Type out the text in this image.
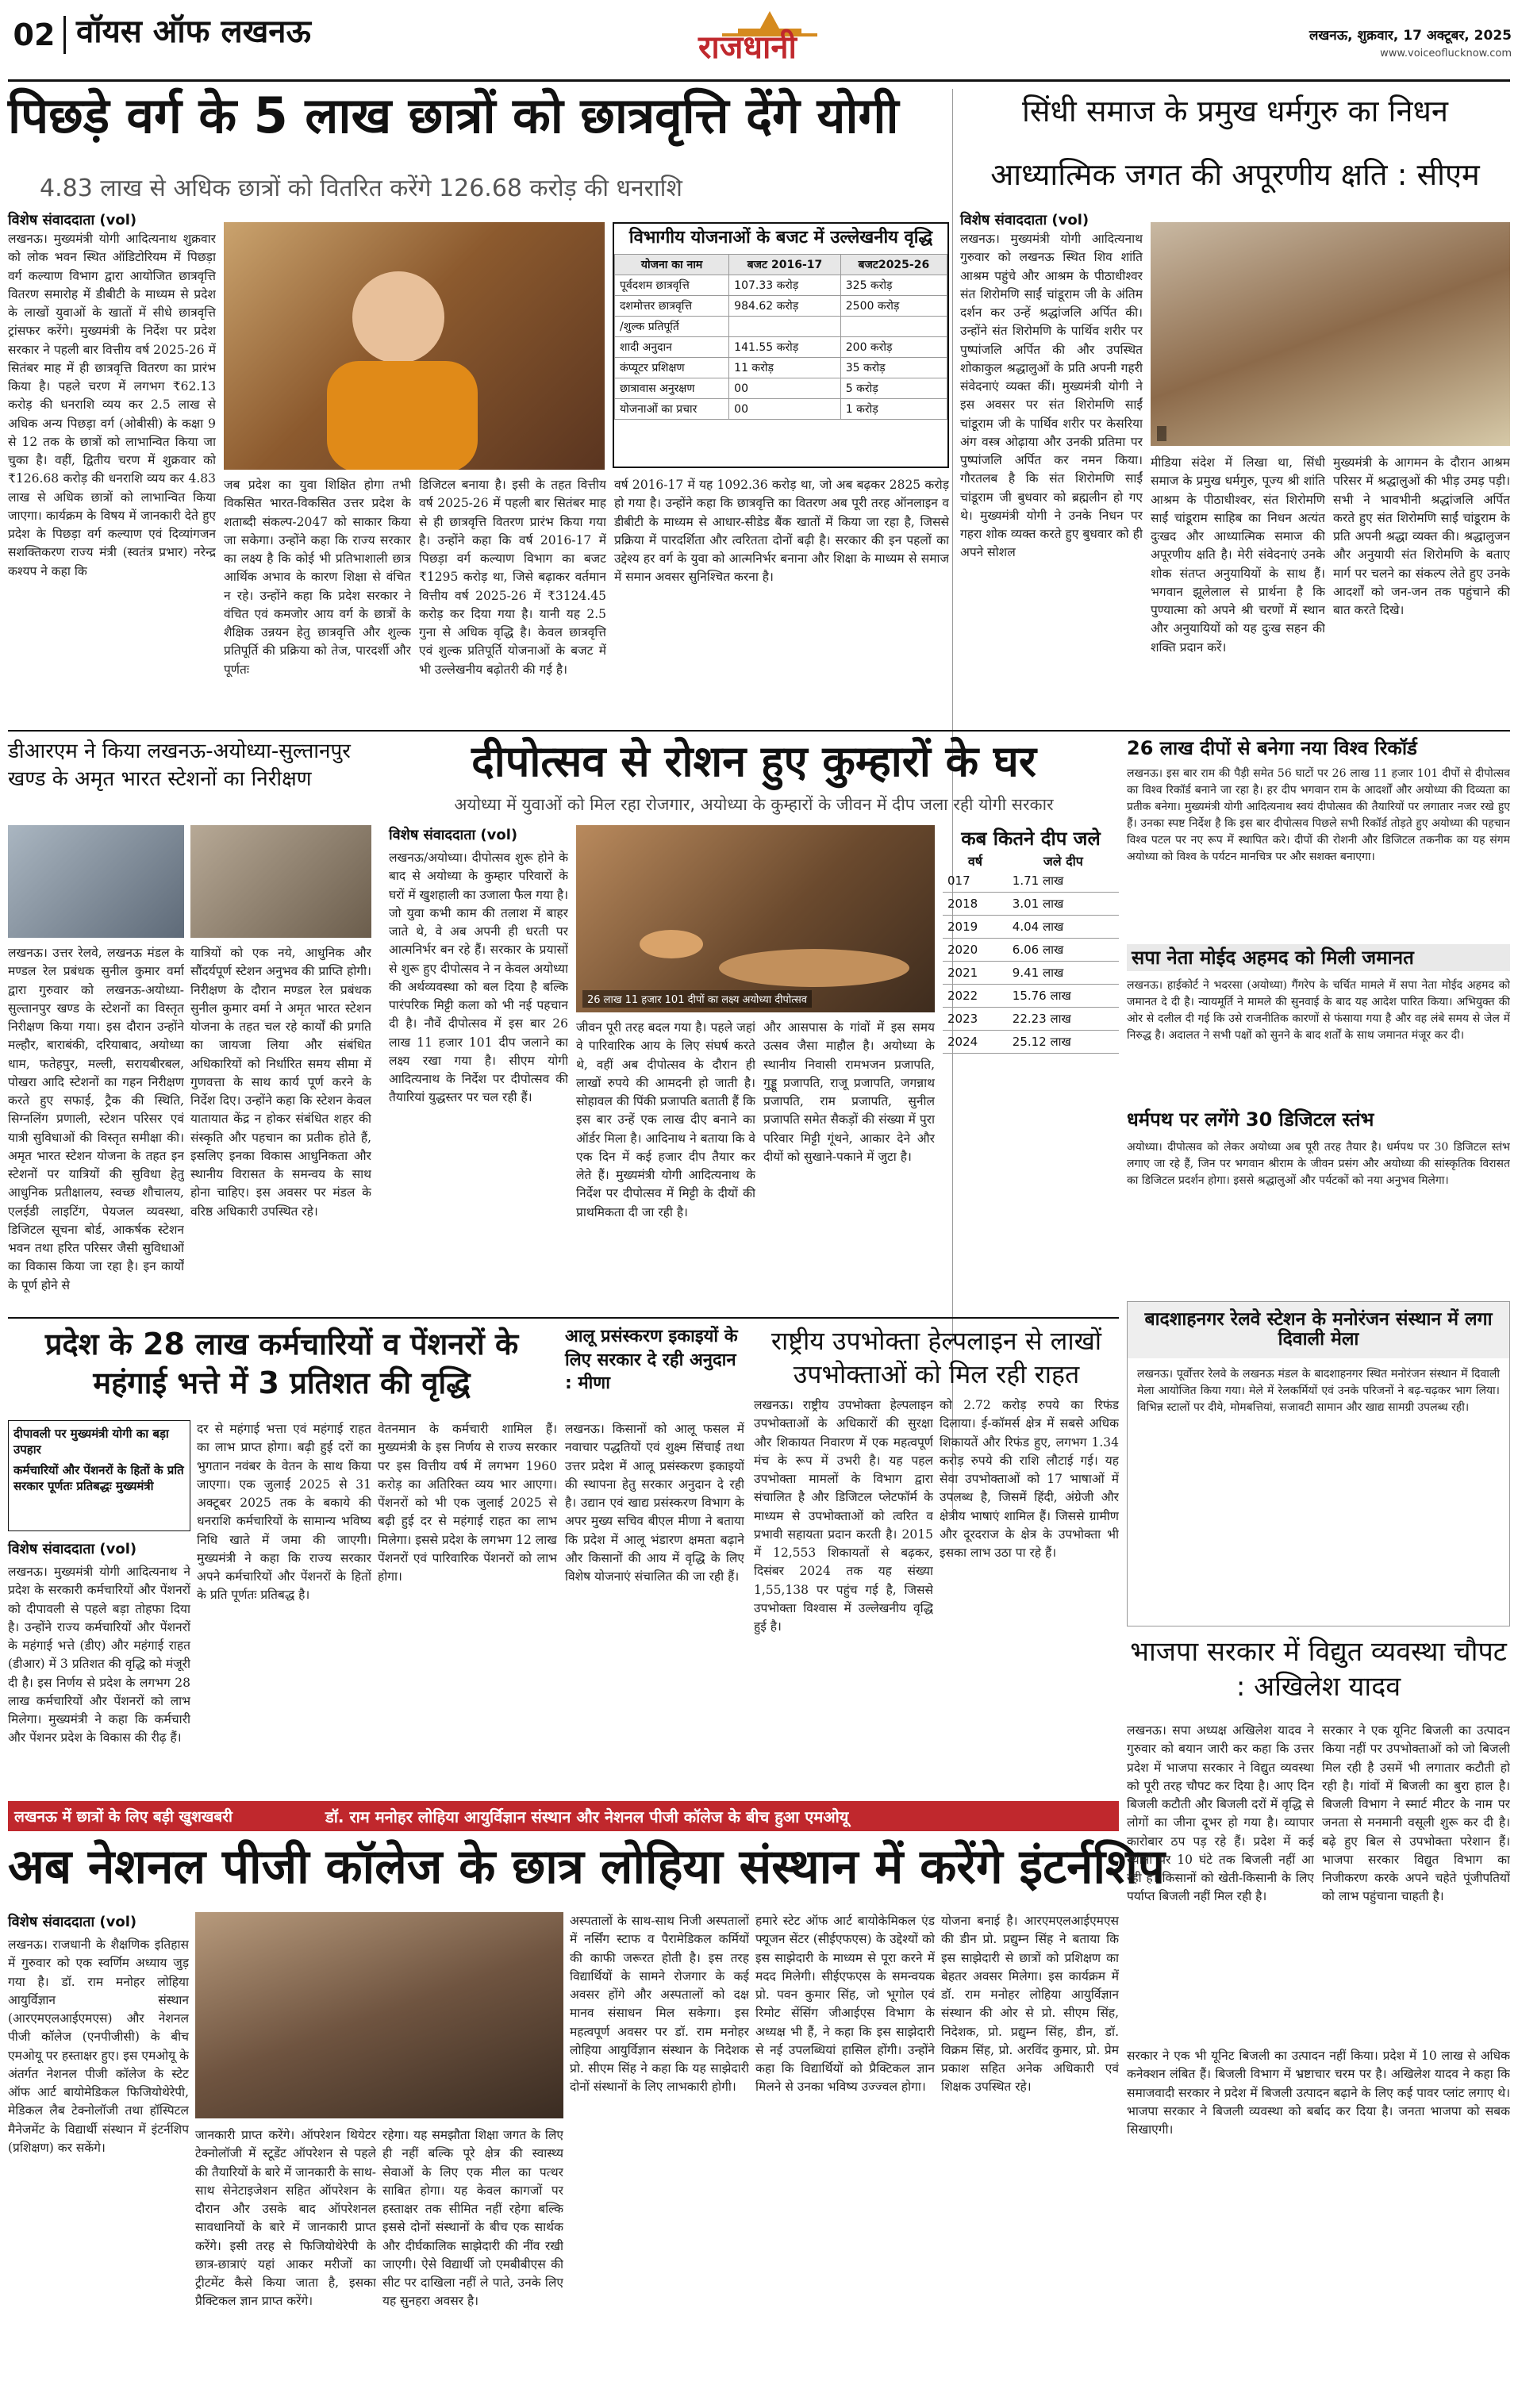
02 वॉयस ऑफ लखनऊ	राजधानी	लखनऊ, शुक्रवार, 17 अक्टूबर, 2025
www.voiceoflucknow.com
पिछड़े वर्ग के 5 लाख छात्रों को छात्रवृत्ति देंगे योगी
4.83 लाख से अधिक छात्रों को वितरित करेंगे 126.68 करोड़ की धनराशि
विशेष संवाददाता (vol)
लखनऊ। मुख्यमंत्री योगी आदित्यनाथ शुक्रवार को लोक भवन स्थित ऑडिटोरियम में पिछड़ा वर्ग कल्याण विभाग द्वारा आयोजित छात्रवृत्ति वितरण समारोह में डीबीटी के माध्यम से प्रदेश के लाखों युवाओं के खातों में सीधे छात्रवृत्ति ट्रांसफर करेंगे। मुख्यमंत्री के निर्देश पर प्रदेश सरकार ने पहली बार वित्तीय वर्ष 2025-26 में सितंबर माह में ही छात्रवृत्ति वितरण का प्रारंभ किया है। पहले चरण में लगभग ₹62.13 करोड़ की धनराशि व्यय कर 2.5 लाख से अधिक अन्य पिछड़ा वर्ग (ओबीसी) के कक्षा 9 से 12 तक के छात्रों को लाभान्वित किया जा चुका है। वहीं, द्वितीय चरण में शुक्रवार को ₹126.68 करोड़ की धनराशि व्यय कर 4.83 लाख से अधिक छात्रों को लाभान्वित किया जाएगा। कार्यक्रम के विषय में जानकारी देते हुए प्रदेश के पिछड़ा वर्ग कल्याण एवं दिव्यांगजन सशक्तिकरण राज्य मंत्री (स्वतंत्र प्रभार) नरेन्द्र कश्यप ने कहा कि
जब प्रदेश का युवा शिक्षित होगा तभी विकसित भारत-विकसित उत्तर प्रदेश के शताब्दी संकल्प-2047 को साकार किया जा सकेगा। उन्होंने कहा कि राज्य सरकार का लक्ष्य है कि कोई भी प्रतिभाशाली छात्र आर्थिक अभाव के कारण शिक्षा से वंचित न रहे। उन्होंने कहा कि प्रदेश सरकार ने वंचित एवं कमजोर आय वर्ग के छात्रों के शैक्षिक उन्नयन हेतु छात्रवृत्ति और शुल्क प्रतिपूर्ति की प्रक्रिया को तेज, पारदर्शी और पूर्णतः
डिजिटल बनाया है। इसी के तहत वित्तीय वर्ष 2025-26 में पहली बार सितंबर माह से ही छात्रवृत्ति वितरण प्रारंभ किया गया है। उन्होंने कहा कि वर्ष 2016-17 में पिछड़ा वर्ग कल्याण विभाग का बजट ₹1295 करोड़ था, जिसे बढ़ाकर वर्तमान वित्तीय वर्ष 2025-26 में ₹3124.45 करोड़ कर दिया गया है। यानी यह 2.5 गुना से अधिक वृद्धि है। केवल छात्रवृत्ति एवं शुल्क प्रतिपूर्ति योजनाओं के बजट में भी उल्लेखनीय बढ़ोतरी की गई है।
विभागीय योजनाओं के बजट में उल्लेखनीय वृद्धि
योजना का नाम	बजट 2016-17	बजट2025-26
पूर्वदशम छात्रवृत्ति	107.33 करोड़	325 करोड़
दशमोत्तर छात्रवृत्ति	984.62 करोड़	2500 करोड़
/शुल्क प्रतिपूर्ति		
शादी अनुदान	141.55 करोड़	200 करोड़
कंप्यूटर प्रशिक्षण	11 करोड़	35 करोड़
छात्रावास अनुरक्षण	00	5 करोड़
योजनाओं का प्रचार	00	1 करोड़
वर्ष 2016-17 में यह 1092.36 करोड़ था, जो अब बढ़कर 2825 करोड़ हो गया है। उन्होंने कहा कि छात्रवृत्ति का वितरण अब पूरी तरह ऑनलाइन व डीबीटी के माध्यम से आधार-सीडेड बैंक खातों में किया जा रहा है, जिससे प्रक्रिया में पारदर्शिता और त्वरितता दोनों बढ़ी है। सरकार की इन पहलों का उद्देश्य हर वर्ग के युवा को आत्मनिर्भर बनाना और शिक्षा के माध्यम से समाज में समान अवसर सुनिश्चित करना है।
सिंधी समाज के प्रमुख धर्मगुरु का निधन
आध्यात्मिक जगत की अपूरणीय क्षति : सीएम
विशेष संवाददाता (vol)
लखनऊ। मुख्यमंत्री योगी आदित्यनाथ गुरुवार को लखनऊ स्थित शिव शांति आश्रम पहुंचे और आश्रम के पीठाधीश्वर संत शिरोमणि साईं चांडूराम जी के अंतिम दर्शन कर उन्हें श्रद्धांजलि अर्पित की। उन्होंने संत शिरोमणि के पार्थिव शरीर पर पुष्पांजलि अर्पित की और उपस्थित शोकाकुल श्रद्धालुओं के प्रति अपनी गहरी संवेदनाएं व्यक्त कीं। मुख्यमंत्री योगी ने इस अवसर पर संत शिरोमणि साईं चांडूराम जी के पार्थिव शरीर पर केसरिया अंग वस्त्र ओढ़ाया और उनकी प्रतिमा पर पुष्पांजलि अर्पित कर नमन किया। गौरतलब है कि संत शिरोमणि साईं चांडूराम जी बुधवार को ब्रह्मलीन हो गए थे। मुख्यमंत्री योगी ने उनके निधन पर गहरा शोक व्यक्त करते हुए बुधवार को ही अपने सोशल
मीडिया संदेश में लिखा था, सिंधी समाज के प्रमुख धर्मगुरु, पूज्य श्री शांति आश्रम के पीठाधीश्वर, संत शिरोमणि साईं चांडूराम साहिब का निधन अत्यंत दुःखद और आध्यात्मिक समाज की अपूरणीय क्षति है। मेरी संवेदनाएं उनके शोक संतप्त अनुयायियों के साथ हैं। भगवान झूलेलाल से प्रार्थना है कि पुण्यात्मा को अपने श्री चरणों में स्थान और अनुयायियों को यह दुःख सहन की शक्ति प्रदान करें।
मुख्यमंत्री के आगमन के दौरान आश्रम परिसर में श्रद्धालुओं की भीड़ उमड़ पड़ी। सभी ने भावभीनी श्रद्धांजलि अर्पित करते हुए संत शिरोमणि साईं चांडूराम के प्रति अपनी श्रद्धा व्यक्त की। श्रद्धालुजन और अनुयायी संत शिरोमणि के बताए मार्ग पर चलने का संकल्प लेते हुए उनके आदर्शों को जन-जन तक पहुंचाने की बात करते दिखे।
डीआरएम ने किया लखनऊ-अयोध्या-सुल्तानपुर खण्ड के अमृत भारत स्टेशनों का निरीक्षण
लखनऊ। उत्तर रेलवे, लखनऊ मंडल के मण्डल रेल प्रबंधक सुनील कुमार वर्मा द्वारा गुरुवार को लखनऊ-अयोध्या-सुल्तानपुर खण्ड के स्टेशनों का विस्तृत निरीक्षण किया गया। इस दौरान उन्होंने मल्हौर, बाराबंकी, दरियाबाद, अयोध्या धाम, फतेहपुर, मल्ली, सरायबीरबल, पोखरा आदि स्टेशनों का गहन निरीक्षण करते हुए सफाई, ट्रैक की स्थिति, सिग्नलिंग प्रणाली, स्टेशन परिसर एवं यात्री सुविधाओं की विस्तृत समीक्षा की। अमृत भारत स्टेशन योजना के तहत इन स्टेशनों पर यात्रियों की सुविधा हेतु आधुनिक प्रतीक्षालय, स्वच्छ शौचालय, एलईडी लाइटिंग, पेयजल व्यवस्था, डिजिटल सूचना बोर्ड, आकर्षक स्टेशन भवन तथा हरित परिसर जैसी सुविधाओं का विकास किया जा रहा है। इन कार्यों के पूर्ण होने से
यात्रियों को एक नये, आधुनिक और सौंदर्यपूर्ण स्टेशन अनुभव की प्राप्ति होगी। निरीक्षण के दौरान मण्डल रेल प्रबंधक सुनील कुमार वर्मा ने अमृत भारत स्टेशन योजना के तहत चल रहे कार्यों की प्रगति का जायजा लिया और संबंधित अधिकारियों को निर्धारित समय सीमा में गुणवत्ता के साथ कार्य पूर्ण करने के निर्देश दिए। उन्होंने कहा कि स्टेशन केवल यातायात केंद्र न होकर संबंधित शहर की संस्कृति और पहचान का प्रतीक होते हैं, इसलिए इनका विकास आधुनिकता और स्थानीय विरासत के समन्वय के साथ होना चाहिए। इस अवसर पर मंडल के वरिष्ठ अधिकारी उपस्थित रहे।
दीपोत्सव से रोशन हुए कुम्हारों के घर
अयोध्या में युवाओं को मिल रहा रोजगार, अयोध्या के कुम्हारों के जीवन में दीप जला रही योगी सरकार
विशेष संवाददाता (vol)
लखनऊ/अयोध्या। दीपोत्सव शुरू होने के बाद से अयोध्या के कुम्हार परिवारों के घरों में खुशहाली का उजाला फैल गया है। जो युवा कभी काम की तलाश में बाहर जाते थे, वे अब अपनी ही धरती पर आत्मनिर्भर बन रहे हैं। सरकार के प्रयासों से शुरू हुए दीपोत्सव ने न केवल अयोध्या की अर्थव्यवस्था को बल दिया है बल्कि पारंपरिक मिट्टी कला को भी नई पहचान दी है। नौवें दीपोत्सव में इस बार 26 लाख 11 हजार 101 दीप जलाने का लक्ष्य रखा गया है। सीएम योगी आदित्यनाथ के निर्देश पर दीपोत्सव की तैयारियां युद्धस्तर पर चल रही हैं।
26 लाख 11 हजार 101 दीपों का लक्ष्य अयोध्या दीपोत्सव
जीवन पूरी तरह बदल गया है। पहले जहां वे पारिवारिक आय के लिए संघर्ष करते थे, वहीं अब दीपोत्सव के दौरान ही लाखों रुपये की आमदनी हो जाती है। सोहावल की पिंकी प्रजापति बताती हैं कि इस बार उन्हें एक लाख दीए बनाने का ऑर्डर मिला है। आदिनाथ ने बताया कि वे एक दिन में कई हजार दीप तैयार कर लेते हैं। मुख्यमंत्री योगी आदित्यनाथ के निर्देश पर दीपोत्सव में मिट्टी के दीयों की प्राथमिकता दी जा रही है।
और आसपास के गांवों में इस समय उत्सव जैसा माहौल है। अयोध्या के स्थानीय निवासी रामभजन प्रजापति, गुड्डू प्रजापति, राजू प्रजापति, जगन्नाथ प्रजापति, राम प्रजापति, सुनील प्रजापति समेत सैकड़ों की संख्या में पुरा परिवार मिट्टी गूंथने, आकार देने और दीयों को सुखाने-पकाने में जुटा है।
कब कितने दीप जले
वर्ष	जले दीप
017	1.71 लाख
2018	3.01 लाख
2019	4.04 लाख
2020	6.06 लाख
2021	9.41 लाख
2022	15.76 लाख
2023	22.23 लाख
2024	25.12 लाख
26 लाख दीपों से बनेगा नया विश्व रिकॉर्ड
लखनऊ। इस बार राम की पैड़ी समेत 56 घाटों पर 26 लाख 11 हजार 101 दीपों से दीपोत्सव का विश्व रिकॉर्ड बनाने जा रहा है। हर दीप भगवान राम के आदर्शों और अयोध्या की दिव्यता का प्रतीक बनेगा। मुख्यमंत्री योगी आदित्यनाथ स्वयं दीपोत्सव की तैयारियों पर लगातार नजर रखे हुए हैं। उनका स्पष्ट निर्देश है कि इस बार दीपोत्सव पिछले सभी रिकॉर्ड तोड़ते हुए अयोध्या की पहचान विश्व पटल पर नए रूप में स्थापित करे। दीपों की रोशनी और डिजिटल तकनीक का यह संगम अयोध्या को विश्व के पर्यटन मानचित्र पर और सशक्त बनाएगा।
सपा नेता मोईद अहमद को मिली जमानत
लखनऊ। हाईकोर्ट ने भदरसा (अयोध्या) गैंगरेप के चर्चित मामले में सपा नेता मोईद अहमद को जमानत दे दी है। न्यायमूर्ति ने मामले की सुनवाई के बाद यह आदेश पारित किया। अभियुक्त की ओर से दलील दी गई कि उसे राजनीतिक कारणों से फंसाया गया है और वह लंबे समय से जेल में निरुद्ध है। अदालत ने सभी पक्षों को सुनने के बाद शर्तों के साथ जमानत मंजूर कर दी।
धर्मपथ पर लगेंगे 30 डिजिटल स्तंभ
अयोध्या। दीपोत्सव को लेकर अयोध्या अब पूरी तरह तैयार है। धर्मपथ पर 30 डिजिटल स्तंभ लगाए जा रहे हैं, जिन पर भगवान श्रीराम के जीवन प्रसंग और अयोध्या की सांस्कृतिक विरासत का डिजिटल प्रदर्शन होगा। इससे श्रद्धालुओं और पर्यटकों को नया अनुभव मिलेगा।
बादशाहनगर रेलवे स्टेशन के मनोरंजन संस्थान में लगा दिवाली मेला
लखनऊ। पूर्वोत्तर रेलवे के लखनऊ मंडल के बादशाहनगर स्थित मनोरंजन संस्थान में दिवाली मेला आयोजित किया गया। मेले में रेलकर्मियों एवं उनके परिजनों ने बढ़-चढ़कर भाग लिया। विभिन्न स्टालों पर दीये, मोमबत्तियां, सजावटी सामान और खाद्य सामग्री उपलब्ध रही।
प्रदेश के 28 लाख कर्मचारियों व पेंशनरों के महंगाई भत्ते में 3 प्रतिशत की वृद्धि
दीपावली पर मुख्यमंत्री योगी का बड़ा उपहार
कर्मचारियों और पेंशनरों के हितों के प्रति सरकार पूर्णतः प्रतिबद्धः मुख्यमंत्री
विशेष संवाददाता (vol)
लखनऊ। मुख्यमंत्री योगी आदित्यनाथ ने प्रदेश के सरकारी कर्मचारियों और पेंशनरों को दीपावली से पहले बड़ा तोहफा दिया है। उन्होंने राज्य कर्मचारियों और पेंशनरों के महंगाई भत्ते (डीए) और महंगाई राहत (डीआर) में 3 प्रतिशत की वृद्धि को मंजूरी दी है। इस निर्णय से प्रदेश के लगभग 28 लाख कर्मचारियों और पेंशनरों को लाभ मिलेगा। मुख्यमंत्री ने कहा कि कर्मचारी और पेंशनर प्रदेश के विकास की रीढ़ हैं।
दर से महंगाई भत्ता एवं महंगाई राहत का लाभ प्राप्त होगा। बढ़ी हुई दरों का भुगतान नवंबर के वेतन के साथ किया जाएगा। एक जुलाई 2025 से 31 अक्टूबर 2025 तक के बकाये की धनराशि कर्मचारियों के सामान्य भविष्य निधि खाते में जमा की जाएगी। मुख्यमंत्री ने कहा कि राज्य सरकार अपने कर्मचारियों और पेंशनरों के हितों के प्रति पूर्णतः प्रतिबद्ध है।
वेतनमान के कर्मचारी शामिल हैं। मुख्यमंत्री के इस निर्णय से राज्य सरकार पर इस वित्तीय वर्ष में लगभग 1960 करोड़ का अतिरिक्त व्यय भार आएगा। पेंशनरों को भी एक जुलाई 2025 से बढ़ी हुई दर से महंगाई राहत का लाभ मिलेगा। इससे प्रदेश के लगभग 12 लाख पेंशनरों एवं पारिवारिक पेंशनरों को लाभ होगा।
आलू प्रसंस्करण इकाइयों के लिए सरकार दे रही अनुदान : मीणा
लखनऊ। किसानों को आलू फसल में नवाचार पद्धतियों एवं शुक्ष्म सिंचाई तथा उत्तर प्रदेश में आलू प्रसंस्करण इकाइयों की स्थापना हेतु सरकार अनुदान दे रही है। उद्यान एवं खाद्य प्रसंस्करण विभाग के अपर मुख्य सचिव बीएल मीणा ने बताया कि प्रदेश में आलू भंडारण क्षमता बढ़ाने और किसानों की आय में वृद्धि के लिए विशेष योजनाएं संचालित की जा रही हैं।
राष्ट्रीय उपभोक्ता हेल्पलाइन से लाखों उपभोक्ताओं को मिल रही राहत
लखनऊ। राष्ट्रीय उपभोक्ता हेल्पलाइन उपभोक्ताओं के अधिकारों की सुरक्षा और शिकायत निवारण में एक महत्वपूर्ण मंच के रूप में उभरी है। यह पहल उपभोक्ता मामलों के विभाग द्वारा संचालित है और डिजिटल प्लेटफॉर्म के माध्यम से उपभोक्ताओं को त्वरित व प्रभावी सहायता प्रदान करती है। 2015 में 12,553 शिकायतों से बढ़कर, दिसंबर 2024 तक यह संख्या 1,55,138 पर पहुंच गई है, जिससे उपभोक्ता विश्वास में उल्लेखनीय वृद्धि हुई है।
को 2.72 करोड़ रुपये का रिफंड दिलाया। ई-कॉमर्स क्षेत्र में सबसे अधिक शिकायतें और रिफंड हुए, लगभग 1.34 करोड़ रुपये की राशि लौटाई गई। यह सेवा उपभोक्ताओं को 17 भाषाओं में उपलब्ध है, जिसमें हिंदी, अंग्रेजी और क्षेत्रीय भाषाएं शामिल हैं। जिससे ग्रामीण और दूरदराज के क्षेत्र के उपभोक्ता भी इसका लाभ उठा पा रहे हैं।
भाजपा सरकार में विद्युत व्यवस्था चौपट : अखिलेश यादव
लखनऊ में छात्रों के लिए बड़ी खुशखबरी	डॉ. राम मनोहर लोहिया आयुर्विज्ञान संस्थान और नेशनल पीजी कॉलेज के बीच हुआ एमओयू
अब नेशनल पीजी कॉलेज के छात्र लोहिया संस्थान में करेंगे इंटर्नशिप
विशेष संवाददाता (vol)
लखनऊ। राजधानी के शैक्षणिक इतिहास में गुरुवार को एक स्वर्णिम अध्याय जुड़ गया है। डॉ. राम मनोहर लोहिया आयुर्विज्ञान संस्थान (आरएमएलआईएमएस) और नेशनल पीजी कॉलेज (एनपीजीसी) के बीच एमओयू पर हस्ताक्षर हुए। इस एमओयू के अंतर्गत नेशनल पीजी कॉलेज के स्टेट ऑफ आर्ट बायोमेडिकल फिजियोथेरेपी, मेडिकल लैब टेक्नोलॉजी तथा हॉस्पिटल मैनेजमेंट के विद्यार्थी संस्थान में इंटर्नशिप (प्रशिक्षण) कर सकेंगे।
जानकारी प्राप्त करेंगे। ऑपरेशन थियेटर टेक्नोलॉजी में स्टूडेंट ऑपरेशन से पहले की तैयारियों के बारे में जानकारी के साथ-साथ सेनेटाइजेशन सहित ऑपरेशन के दौरान और उसके बाद ऑपरेशनल सावधानियों के बारे में जानकारी प्राप्त करेंगे। इसी तरह से फिजियोथेरेपी के छात्र-छात्राएं यहां आकर मरीजों का ट्रीटमेंट कैसे किया जाता है, इसका प्रैक्टिकल ज्ञान प्राप्त करेंगे।
रहेगा। यह समझौता शिक्षा जगत के लिए ही नहीं बल्कि पूरे क्षेत्र की स्वास्थ्य सेवाओं के लिए एक मील का पत्थर साबित होगा। यह केवल कागजों पर हस्ताक्षर तक सीमित नहीं रहेगा बल्कि इससे दोनों संस्थानों के बीच एक सार्थक और दीर्घकालिक साझेदारी की नींव रखी जाएगी। ऐसे विद्यार्थी जो एमबीबीएस की सीट पर दाखिला नहीं ले पाते, उनके लिए यह सुनहरा अवसर है।
अस्पतालों के साथ-साथ निजी अस्पतालों में नर्सिंग स्टाफ व पैरामेडिकल कर्मियों की काफी जरूरत होती है। इस तरह विद्यार्थियों के सामने रोजगार के कई अवसर होंगे और अस्पतालों को दक्ष मानव संसाधन मिल सकेगा। इस महत्वपूर्ण अवसर पर डॉ. राम मनोहर लोहिया आयुर्विज्ञान संस्थान के निदेशक प्रो. सीएम सिंह ने कहा कि यह साझेदारी दोनों संस्थानों के लिए लाभकारी होगी।
हमारे स्टेट ऑफ आर्ट बायोकेमिकल एंड फ्यूजन सेंटर (सीईएफएस) के उद्देश्यों को इस साझेदारी के माध्यम से पूरा करने में मदद मिलेगी। सीईएफएस के समन्वयक प्रो. पवन कुमार सिंह, जो भूगोल एवं रिमोट सेंसिंग जीआईएस विभाग के अध्यक्ष भी हैं, ने कहा कि इस साझेदारी से नई उपलब्धियां हासिल होंगी। उन्होंने कहा कि विद्यार्थियों को प्रैक्टिकल ज्ञान मिलने से उनका भविष्य उज्ज्वल होगा।
योजना बनाई है। आरएमएलआईएमएस की डीन प्रो. प्रद्युम्न सिंह ने बताया कि इस साझेदारी से छात्रों को प्रशिक्षण का बेहतर अवसर मिलेगा। इस कार्यक्रम में डॉ. राम मनोहर लोहिया आयुर्विज्ञान संस्थान की ओर से प्रो. सीएम सिंह, निदेशक, प्रो. प्रद्युम्न सिंह, डीन, डॉ. विक्रम सिंह, प्रो. अरविंद कुमार, प्रो. प्रेम प्रकाश सहित अनेक अधिकारी एवं शिक्षक उपस्थित रहे।
लखनऊ। सपा अध्यक्ष अखिलेश यादव ने गुरुवार को बयान जारी कर कहा कि उत्तर प्रदेश में भाजपा सरकार ने विद्युत व्यवस्था को पूरी तरह चौपट कर दिया है। आए दिन बिजली कटौती और बिजली दरों में वृद्धि से लोगों का जीना दूभर हो गया है। व्यापार कारोबार ठप पड़ रहे हैं। प्रदेश में कई स्थानों पर 10 घंटे तक बिजली नहीं आ रही है। किसानों को खेती-किसानी के लिए पर्याप्त बिजली नहीं मिल रही है।
सरकार ने एक यूनिट बिजली का उत्पादन किया नहीं पर उपभोक्ताओं को जो बिजली मिल रही है उसमें भी लगातार कटौती हो रही है। गांवों में बिजली का बुरा हाल है। बिजली विभाग ने स्मार्ट मीटर के नाम पर जनता से मनमानी वसूली शुरू कर दी है। बढ़े हुए बिल से उपभोक्ता परेशान हैं। भाजपा सरकार विद्युत विभाग का निजीकरण करके अपने चहेते पूंजीपतियों को लाभ पहुंचाना चाहती है।
सरकार ने एक भी यूनिट बिजली का उत्पादन नहीं किया। प्रदेश में 10 लाख से अधिक कनेक्शन लंबित हैं। बिजली विभाग में भ्रष्टाचार चरम पर है। अखिलेश यादव ने कहा कि समाजवादी सरकार ने प्रदेश में बिजली उत्पादन बढ़ाने के लिए कई पावर प्लांट लगाए थे। भाजपा सरकार ने बिजली व्यवस्था को बर्बाद कर दिया है। जनता भाजपा को सबक सिखाएगी।
